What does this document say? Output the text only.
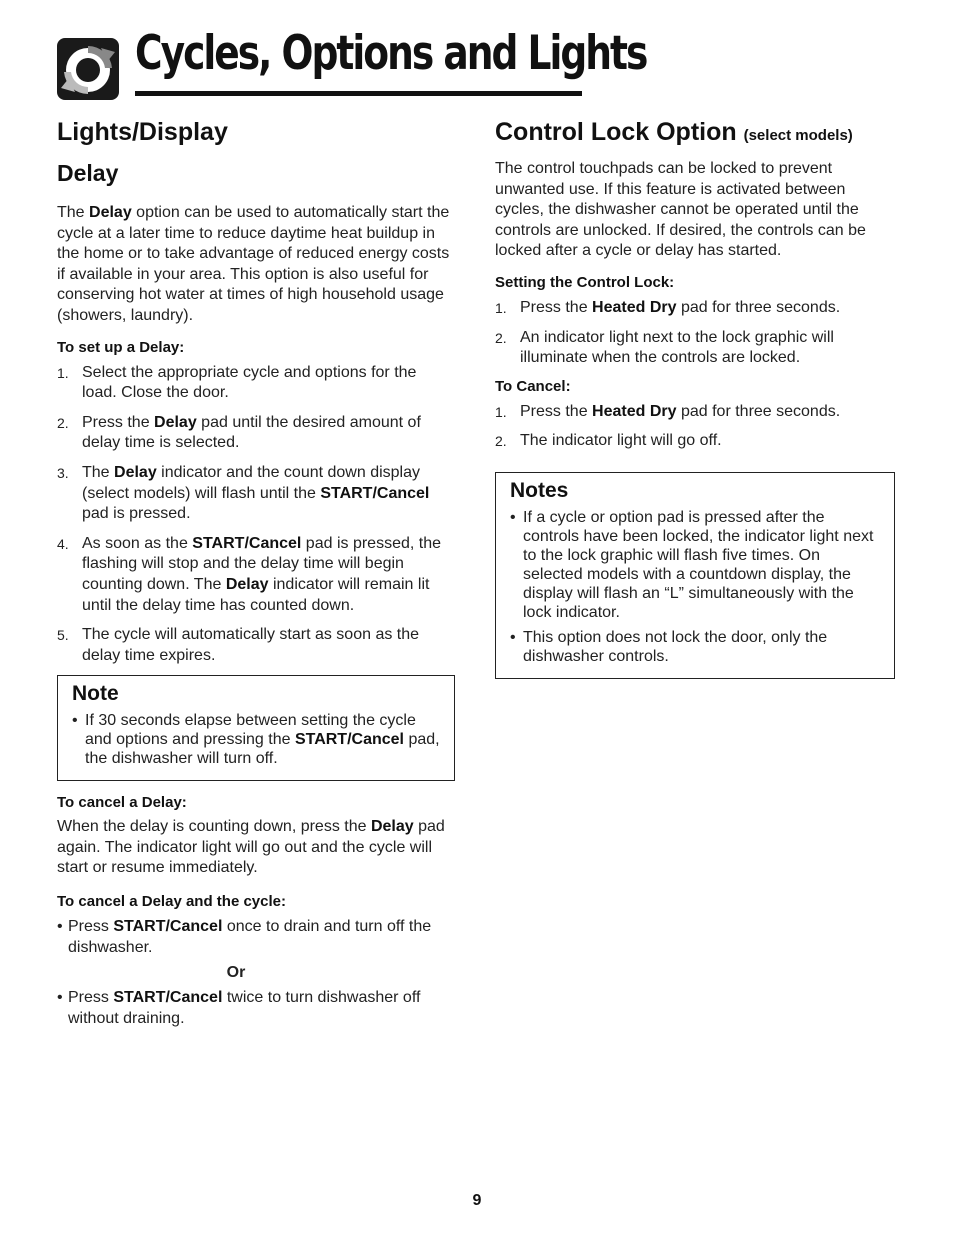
Cycles, Options and Lights
Lights/Display
Delay

The Delay option can be used to automatically start the cycle at a later time to reduce daytime heat buildup in the home or to take advantage of reduced energy costs if available in your area. This option is also useful for conserving hot water at times of high household usage (showers, laundry).

To set up a Delay:
1. Select the appropriate cycle and options for the load. Close the door.
2. Press the Delay pad until the desired amount of delay time is selected.
3. The Delay indicator and the count down display (select models) will flash until the START/Cancel pad is pressed.
4. As soon as the START/Cancel pad is pressed, the flashing will stop and the delay time will begin counting down. The Delay indicator will remain lit until the delay time has counted down.
5. The cycle will automatically start as soon as the delay time expires.
Note
• If 30 seconds elapse between setting the cycle and options and pressing the START/Cancel pad, the dishwasher will turn off.
To cancel a Delay:

When the delay is counting down, press the Delay pad again. The indicator light will go out and the cycle will start or resume immediately.

To cancel a Delay and the cycle:
• Press START/Cancel once to drain and turn off the dishwasher.
Or
• Press START/Cancel twice to turn dishwasher off without draining.
Control Lock Option (select models)

The control touchpads can be locked to prevent unwanted use. If this feature is activated between cycles, the dishwasher cannot be operated until the controls are unlocked. If desired, the controls can be locked after a cycle or delay has started.

Setting the Control Lock:
1. Press the Heated Dry pad for three seconds.
2. An indicator light next to the lock graphic will illuminate when the controls are locked.
To Cancel:
1. Press the Heated Dry pad for three seconds.
2. The indicator light will go off.
Notes
• If a cycle or option pad is pressed after the controls have been locked, the indicator light next to the lock graphic will flash five times. On selected models with a countdown display, the display will flash an “L” simultaneously with the lock indicator.
• This option does not lock the door, only the dishwasher controls.
9
